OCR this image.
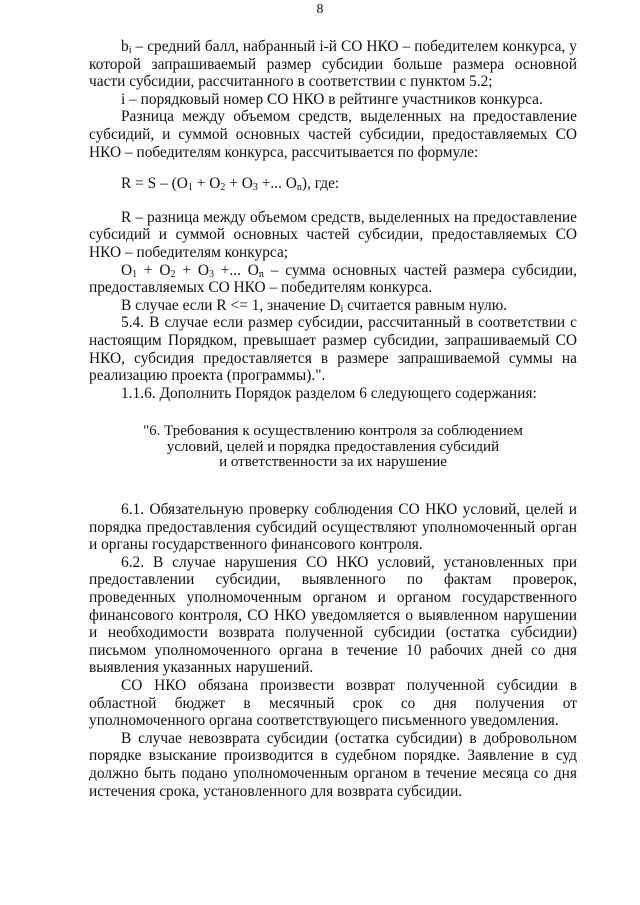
8

$b_i$ – средний балл, набранный i-й СО НКО – победителем конкурса, у которой запрашиваемый размер субсидии больше размера основной части субсидии, рассчитанного в соответствии с пунктом 5.2;

i – порядковый номер СО НКО в рейтинге участников конкурса.

Разница между объемом средств, выделенных на предоставление субсидий, и суммой основных частей субсидии, предоставляемых СО НКО – победителям конкурса, рассчитывается по формуле:

$R = S - (O_1 + O_2 + O_3$ +... $O_n$), где:

R – разница между объемом средств, выделенных на предоставление субсидий и суммой основных частей субсидии, предоставляемых СО НКО – победителям конкурса;

$O_1 + O_2 + O_3$ +... $O_n$ – сумма основных частей размера субсидии, предоставляемых СО НКО – победителям конкурса.

В случае если R <= 1, значение $D_i$ считается равным нулю.

5.4. В случае если размер субсидии, рассчитанный в соответствии с настоящим Порядком, превышает размер субсидии, запрашиваемый СО НКО, субсидия предоставляется в размере запрашиваемой суммы на реализацию проекта (программы).".

1.1.6. Дополнить Порядок разделом 6 следующего содержания:

"6. Требования к осуществлению контроля за соблюдением
условий, целей и порядка предоставления субсидий
и ответственности за их нарушение

6.1. Обязательную проверку соблюдения СО НКО условий, целей и порядка предоставления субсидий осуществляют уполномоченный орган и органы государственного финансового контроля.

6.2. В случае нарушения СО НКО условий, установленных при предоставлении субсидии, выявленного по фактам проверок, проведенных уполномоченным органом и органом государственного финансового контроля, СО НКО уведомляется о выявленном нарушении и необходимости возврата полученной субсидии (остатка субсидии) письмом уполномоченного органа в течение 10 рабочих дней со дня выявления указанных нарушений.

СО НКО обязана произвести возврат полученной субсидии в областной бюджет в месячный срок со дня получения от уполномоченного органа соответствующего письменного уведомления.

В случае невозврата субсидии (остатка субсидии) в добровольном порядке взыскание производится в судебном порядке. Заявление в суд должно быть подано уполномоченным органом в течение месяца со дня истечения срока, установленного для возврата субсидии.
